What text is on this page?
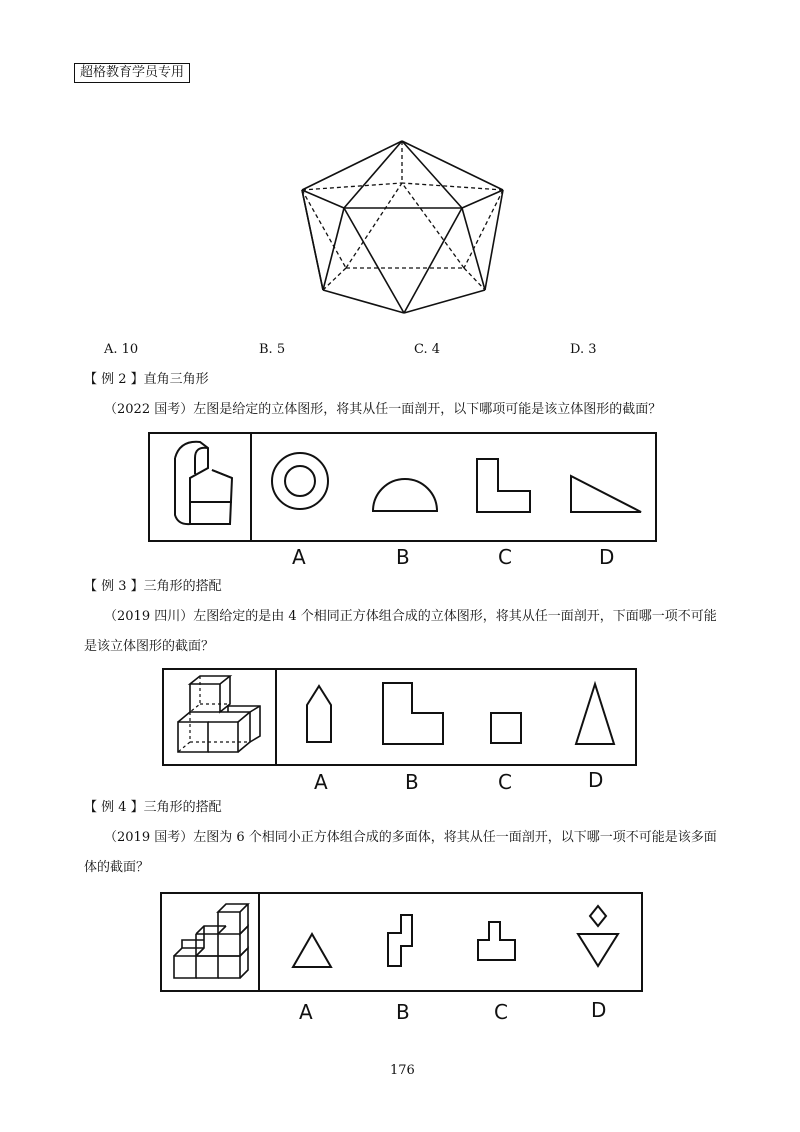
超格教育学员专用
A. 10	B. 5	C. 4	D. 3
【 例 2 】直角三角形
（2022 国考）左图是给定的立体图形，将其从任一面剖开，以下哪项可能是该立体图形的截面？
A	B	C	D
【 例 3 】三角形的搭配
（2019 四川）左图给定的是由 4 个相同正方体组合成的立体图形，将其从任一面剖开，下面哪一项不可能
是该立体图形的截面？
A	B	C	D
【 例 4 】三角形的搭配
（2019 国考）左图为 6 个相同小正方体组合成的多面体，将其从任一面剖开，以下哪一项不可能是该多面
体的截面？
A	B	C	D
176
